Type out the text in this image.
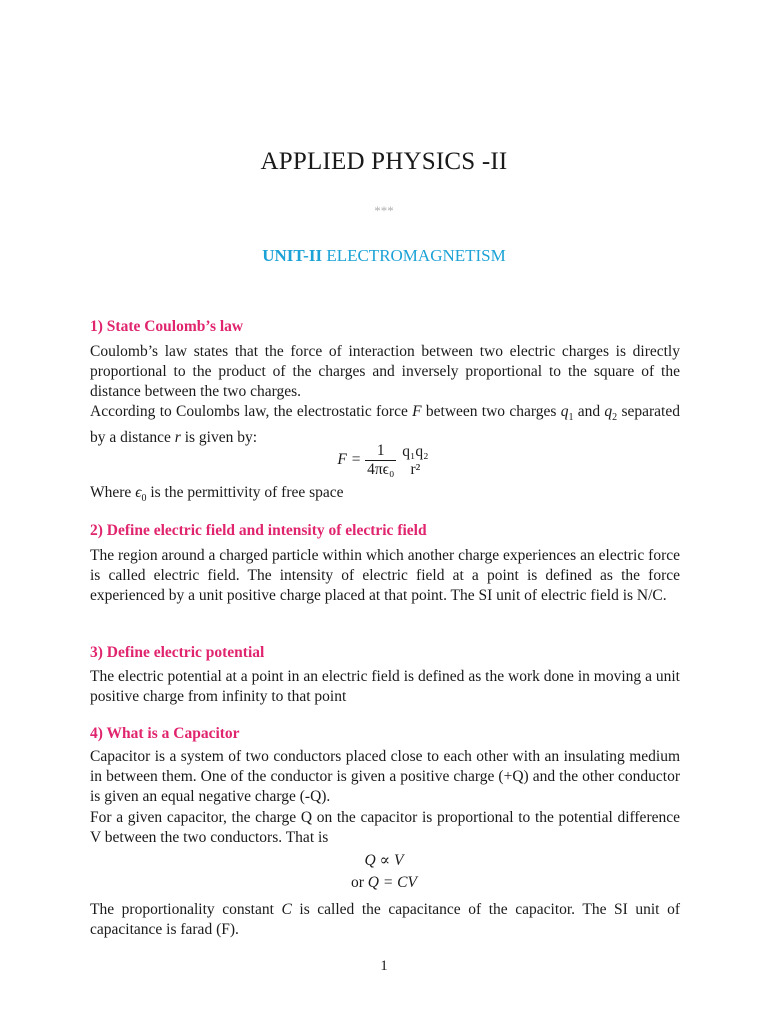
APPLIED PHYSICS -II
***
UNIT-II ELECTROMAGNETISM
1) State Coulomb’s law
Coulomb’s law states that the force of interaction between two electric charges is directly proportional to the product of the charges and inversely proportional to the square of the distance between the two charges.
According to Coulombs law, the electrostatic force F between two charges $q_1$ and $q_2$ separated by a distance r is given by:
$F = \frac{1}{\text{4πϵ₀}}$
q₁q₂
r²
Where $\epsilon_0$ is the permittivity of free space
2) Define electric field and intensity of electric field
The region around a charged particle within which another charge experiences an electric force is called electric field. The intensity of electric field at a point is defined as the force experienced by a unit positive charge placed at that point. The SI unit of electric field is N/C.
3) Define electric potential
The electric potential at a point in an electric field is defined as the work done in moving a unit positive charge from infinity to that point
4) What is a Capacitor
Capacitor is a system of two conductors placed close to each other with an insulating medium in between them. One of the conductor is given a positive charge (+Q) and the other conductor is given an equal negative charge (-Q).
For a given capacitor, the charge Q on the capacitor is proportional to the potential difference V between the two conductors. That is
Q ∝ V
or Q = CV
The proportionality constant C is called the capacitance of the capacitor. The SI unit of capacitance is farad (F).
1
